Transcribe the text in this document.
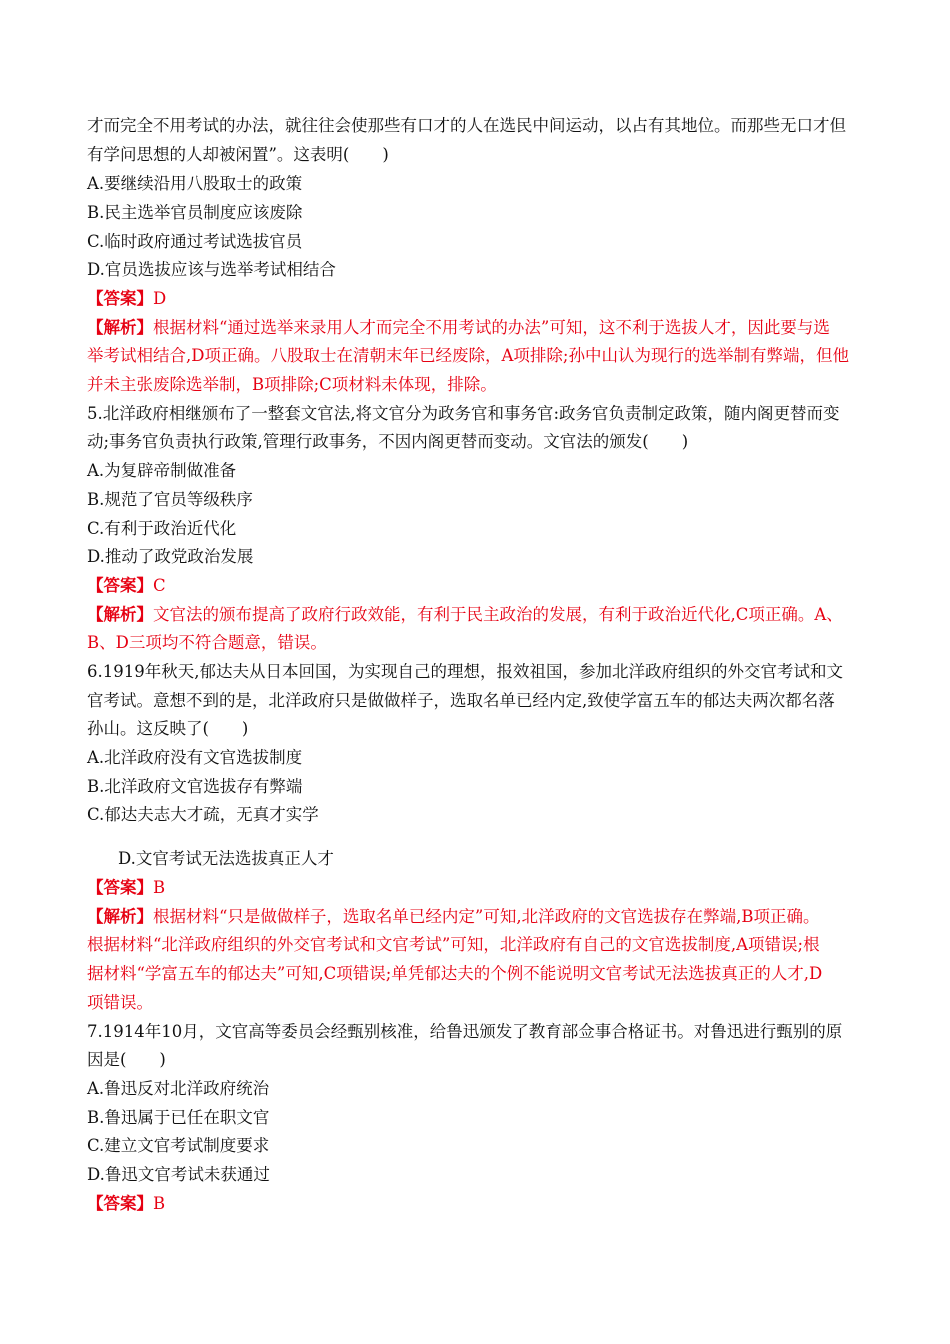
才而完全不用考试的办法，就往往会使那些有口才的人在选民中间运动，以占有其地位。而那些无口才但
有学问思想的人却被闲置”。这表明(　　)
A.要继续沿用八股取士的政策
B.民主选举官员制度应该废除
C.临时政府通过考试选拔官员
D.官员选拔应该与选举考试相结合
【答案】D
【解析】根据材料“通过选举来录用人才而完全不用考试的办法”可知，这不利于选拔人才，因此要与选
举考试相结合,D项正确。八股取士在清朝末年已经废除，A项排除;孙中山认为现行的选举制有弊端，但他
并未主张废除选举制，B项排除;C项材料未体现，排除。
5.北洋政府相继颁布了一整套文官法,将文官分为政务官和事务官:政务官负责制定政策，随内阁更替而变
动;事务官负责执行政策,管理行政事务，不因内阁更替而变动。文官法的颁发(　　)
A.为复辟帝制做准备
B.规范了官员等级秩序
C.有利于政治近代化
D.推动了政党政治发展
【答案】C
【解析】文官法的颁布提高了政府行政效能，有利于民主政治的发展，有利于政治近代化,C项正确。A、
B、D三项均不符合题意，错误。
6.1919年秋天,郁达夫从日本回国，为实现自己的理想，报效祖国，参加北洋政府组织的外交官考试和文
官考试。意想不到的是，北洋政府只是做做样子，选取名单已经内定,致使学富五车的郁达夫两次都名落
孙山。这反映了(　　)
A.北洋政府没有文官选拔制度
B.北洋政府文官选拔存有弊端
C.郁达夫志大才疏，无真才实学
D.文官考试无法选拔真正人才
【答案】B
【解析】根据材料“只是做做样子，选取名单已经内定”可知,北洋政府的文官选拔存在弊端,B项正确。
根据材料“北洋政府组织的外交官考试和文官考试”可知，北洋政府有自己的文官选拔制度,A项错误;根
据材料“学富五车的郁达夫”可知,C项错误;单凭郁达夫的个例不能说明文官考试无法选拔真正的人才,D
项错误。
7.1914年10月，文官高等委员会经甄别核准，给鲁迅颁发了教育部佥事合格证书。对鲁迅进行甄别的原
因是(　　)
A.鲁迅反对北洋政府统治
B.鲁迅属于已任在职文官
C.建立文官考试制度要求
D.鲁迅文官考试未获通过
【答案】B
